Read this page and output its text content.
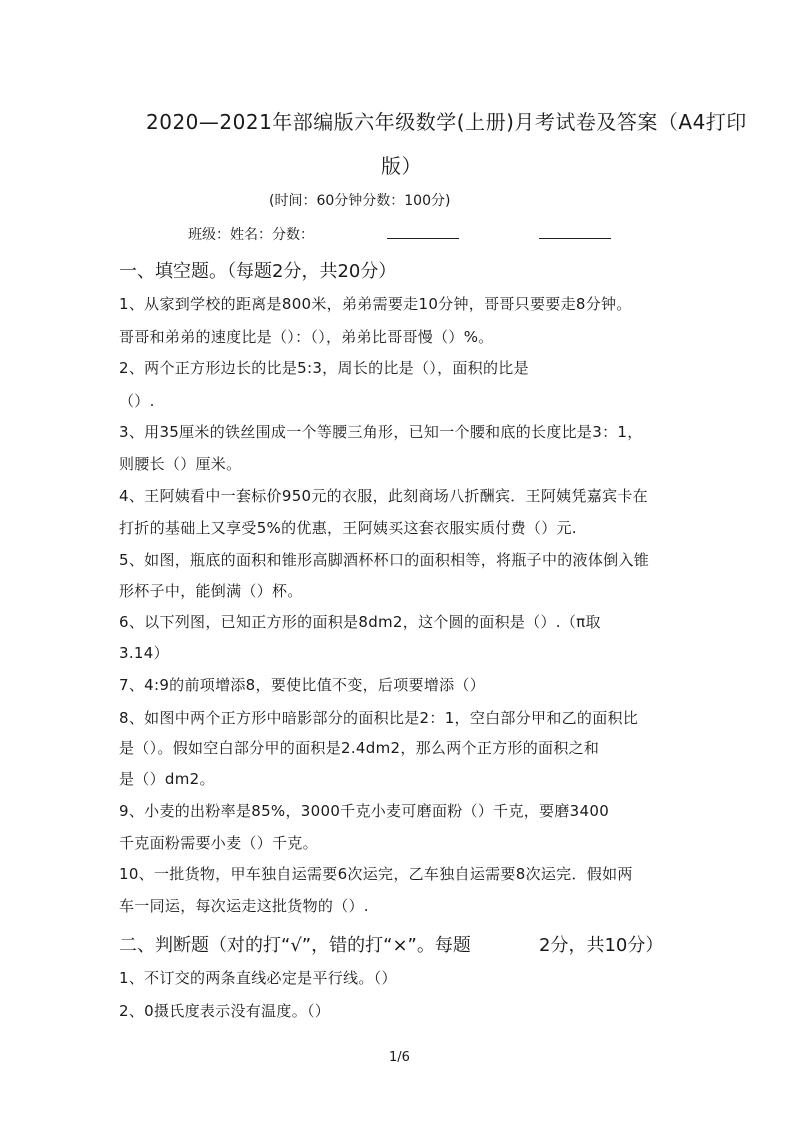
2020—2021年部编版六年级数学(上册)月考试卷及答案（A4打印
版）
(时间：60分钟分数：100分)
班级：姓名：分数：
一、填空题。（每题2分，共20分）
1、从家到学校的距离是800米，弟弟需要走10分钟，哥哥只要要走8分钟。
哥哥和弟弟的速度比是（）：（），弟弟比哥哥慢（）%。
2、两个正方形边长的比是5:3，周长的比是（），面积的比是
（）.
3、用35厘米的铁丝围成一个等腰三角形，已知一个腰和底的长度比是3：1，
则腰长（）厘米。
4、王阿姨看中一套标价950元的衣服，此刻商场八折酬宾．王阿姨凭嘉宾卡在
打折的基础上又享受5%的优惠，王阿姨买这套衣服实质付费（）元.
5、如图，瓶底的面积和锥形高脚酒杯杯口的面积相等，将瓶子中的液体倒入锥
形杯子中，能倒满（）杯。
6、以下列图，已知正方形的面积是8dm2，这个圆的面积是（）.（π取
3.14）
7、4:9的前项增添8，要使比值不变，后项要增添（）
8、如图中两个正方形中暗影部分的面积比是2：1，空白部分甲和乙的面积比
是（）。假如空白部分甲的面积是2.4dm2，那么两个正方形的面积之和
是（）dm2。
9、小麦的出粉率是85%，3000千克小麦可磨面粉（）千克，要磨3400
千克面粉需要小麦（）千克。
10、一批货物，甲车独自运需要6次运完，乙车独自运需要8次运完．假如两
车一同运，每次运走这批货物的（）.
二、判断题（对的打“√”，错的打“×”。每题	2分，共10分）
1、不订交的两条直线必定是平行线。（）
2、0摄氏度表示没有温度。（）
1/6
